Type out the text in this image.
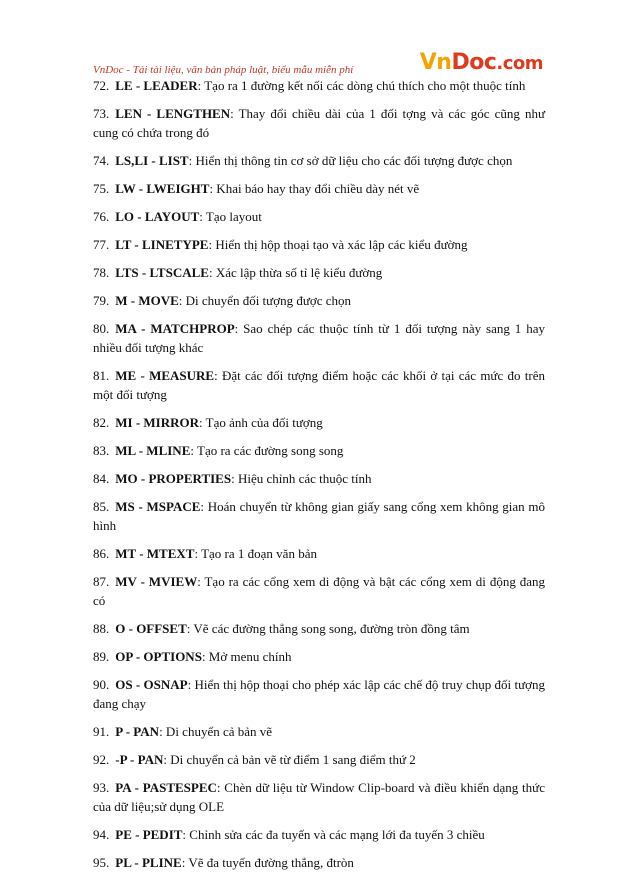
VnDoc - Tải tài liệu, văn bản pháp luật, biểu mẫu miễn phí	VnDoc.com

72. LE - LEADER: Tạo ra 1 đường kết nối các dòng chú thích cho một thuộc tính

73. LEN - LENGTHEN: Thay đổi chiều dài của 1 đối tợng và các góc cũng như cung có chứa trong đó

74. LS,LI - LIST: Hiển thị thông tin cơ sở dữ liệu cho các đối tượng được chọn

75. LW - LWEIGHT: Khai báo hay thay đổi chiều dày nét vẽ

76. LO - LAYOUT: Tạo layout

77. LT - LINETYPE: Hiển thị hộp thoại tạo và xác lập các kiểu đường

78. LTS - LTSCALE: Xác lập thừa số tỉ lệ kiểu đường

79. M - MOVE: Di chuyển đối tượng được chọn

80. MA - MATCHPROP: Sao chép các thuộc tính từ 1 đối tượng này sang 1 hay nhiều đối tượng khác

81. ME - MEASURE: Đặt các đối tượng điểm hoặc các khối ở tại các mức đo trên một đối tượng

82. MI - MIRROR: Tạo ảnh của đối tượng

83. ML - MLINE: Tạo ra các đường song song

84. MO - PROPERTIES: Hiệu chỉnh các thuộc tính

85. MS - MSPACE: Hoán chuyển từ không gian giấy sang cổng xem không gian mô hình

86. MT - MTEXT: Tạo ra 1 đoạn văn bản

87. MV - MVIEW: Tạo ra các cổng xem di động và bật các cổng xem di động đang có

88. O - OFFSET: Vẽ các đường thẳng song song, đường tròn đồng tâm

89. OP - OPTIONS: Mở menu chính

90. OS - OSNAP: Hiển thị hộp thoại cho phép xác lập các chế độ truy chụp đối tượng đang chạy

91. P - PAN: Di chuyển cả bản vẽ

92. -P - PAN: Di chuyển cả bản vẽ từ điểm 1 sang điểm thứ 2

93. PA - PASTESPEC: Chèn dữ liệu từ Window Clip-board và điều khiển dạng thức của dữ liệu;sử dụng OLE

94. PE - PEDIT: Chỉnh sửa các đa tuyến và các mạng lới đa tuyến 3 chiều

95. PL - PLINE: Vẽ đa tuyến đường thẳng, đtròn
